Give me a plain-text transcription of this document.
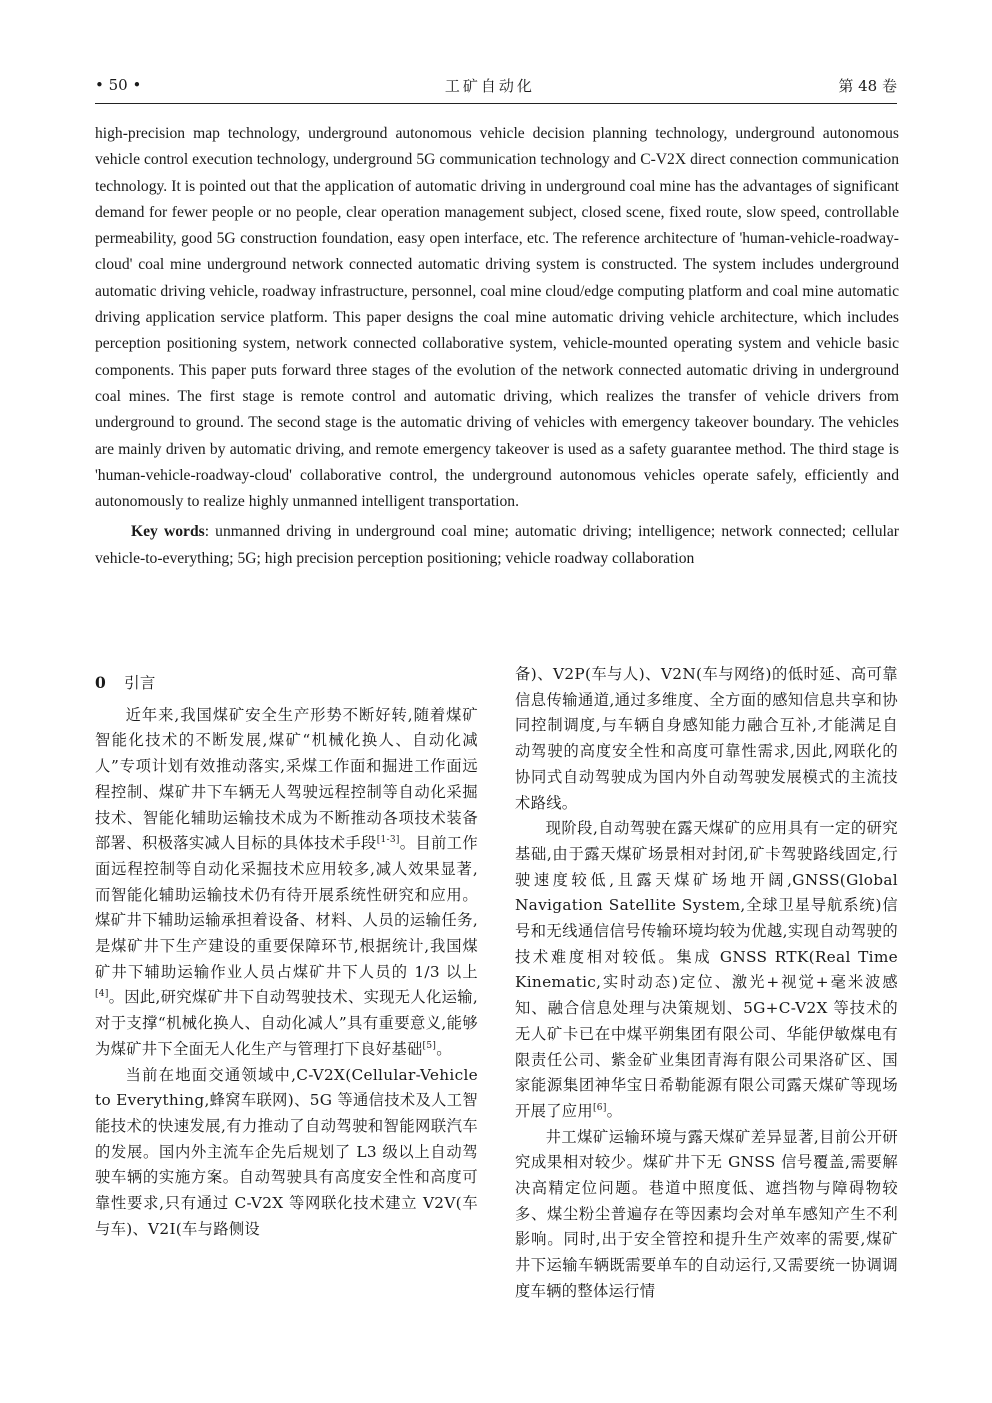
• 50 •	工矿自动化	第 48 卷

high-precision map technology, underground autonomous vehicle decision planning technology, underground autonomous vehicle control execution technology, underground 5G communication technology and C-V2X direct connection communication technology. It is pointed out that the application of automatic driving in underground coal mine has the advantages of significant demand for fewer people or no people, clear operation management subject, closed scene, fixed route, slow speed, controllable permeability, good 5G construction foundation, easy open interface, etc. The reference architecture of 'human-vehicle-roadway-cloud' coal mine underground network connected automatic driving system is constructed. The system includes underground automatic driving vehicle, roadway infrastructure, personnel, coal mine cloud/edge computing platform and coal mine automatic driving application service platform. This paper designs the coal mine automatic driving vehicle architecture, which includes perception positioning system, network connected collaborative system, vehicle-mounted operating system and vehicle basic components. This paper puts forward three stages of the evolution of the network connected automatic driving in underground coal mines. The first stage is remote control and automatic driving, which realizes the transfer of vehicle drivers from underground to ground. The second stage is the automatic driving of vehicles with emergency takeover boundary. The vehicles are mainly driven by automatic driving, and remote emergency takeover is used as a safety guarantee method. The third stage is 'human-vehicle-roadway-cloud' collaborative control, the underground autonomous vehicles operate safely, efficiently and autonomously to realize highly unmanned intelligent transportation.

Key words: unmanned driving in underground coal mine; automatic driving; intelligence; network connected; cellular vehicle-to-everything; 5G; high precision perception positioning; vehicle roadway collaboration

0 引言

近年来,我国煤矿安全生产形势不断好转,随着煤矿智能化技术的不断发展,煤矿“机械化换人、自动化减人”专项计划有效推动落实,采煤工作面和掘进工作面远程控制、煤矿井下车辆无人驾驶远程控制等自动化采掘技术、智能化辅助运输技术成为不断推动各项技术装备部署、积极落实减人目标的具体技术手段[1-3]。目前工作面远程控制等自动化采掘技术应用较多,减人效果显著,而智能化辅助运输技术仍有待开展系统性研究和应用。煤矿井下辅助运输承担着设备、材料、人员的运输任务,是煤矿井下生产建设的重要保障环节,根据统计,我国煤矿井下辅助运输作业人员占煤矿井下人员的 1/3 以上[4]。因此,研究煤矿井下自动驾驶技术、实现无人化运输,对于支撑“机械化换人、自动化减人”具有重要意义,能够为煤矿井下全面无人化生产与管理打下良好基础[5]。

当前在地面交通领域中,C-V2X(Cellular-Vehicle to Everything,蜂窝车联网)、5G 等通信技术及人工智能技术的快速发展,有力推动了自动驾驶和智能网联汽车的发展。国内外主流车企先后规划了 L3 级以上自动驾驶车辆的实施方案。自动驾驶具有高度安全性和高度可靠性要求,只有通过 C-V2X 等网联化技术建立 V2V(车与车)、V2I(车与路侧设

备)、V2P(车与人)、V2N(车与网络)的低时延、高可靠信息传输通道,通过多维度、全方面的感知信息共享和协同控制调度,与车辆自身感知能力融合互补,才能满足自动驾驶的高度安全性和高度可靠性需求,因此,网联化的协同式自动驾驶成为国内外自动驾驶发展模式的主流技术路线。

现阶段,自动驾驶在露天煤矿的应用具有一定的研究基础,由于露天煤矿场景相对封闭,矿卡驾驶路线固定,行驶速度较低,且露天煤矿场地开阔,GNSS(Global Navigation Satellite System,全球卫星导航系统)信号和无线通信信号传输环境均较为优越,实现自动驾驶的技术难度相对较低。集成 GNSS RTK(Real Time Kinematic,实时动态)定位、激光+视觉+毫米波感知、融合信息处理与决策规划、5G+C-V2X 等技术的无人矿卡已在中煤平朔集团有限公司、华能伊敏煤电有限责任公司、紫金矿业集团青海有限公司果洛矿区、国家能源集团神华宝日希勒能源有限公司露天煤矿等现场开展了应用[6]。

井工煤矿运输环境与露天煤矿差异显著,目前公开研究成果相对较少。煤矿井下无 GNSS 信号覆盖,需要解决高精定位问题。巷道中照度低、遮挡物与障碍物较多、煤尘粉尘普遍存在等因素均会对单车感知产生不利影响。同时,出于安全管控和提升生产效率的需要,煤矿井下运输车辆既需要单车的自动运行,又需要统一协调调度车辆的整体运行情
